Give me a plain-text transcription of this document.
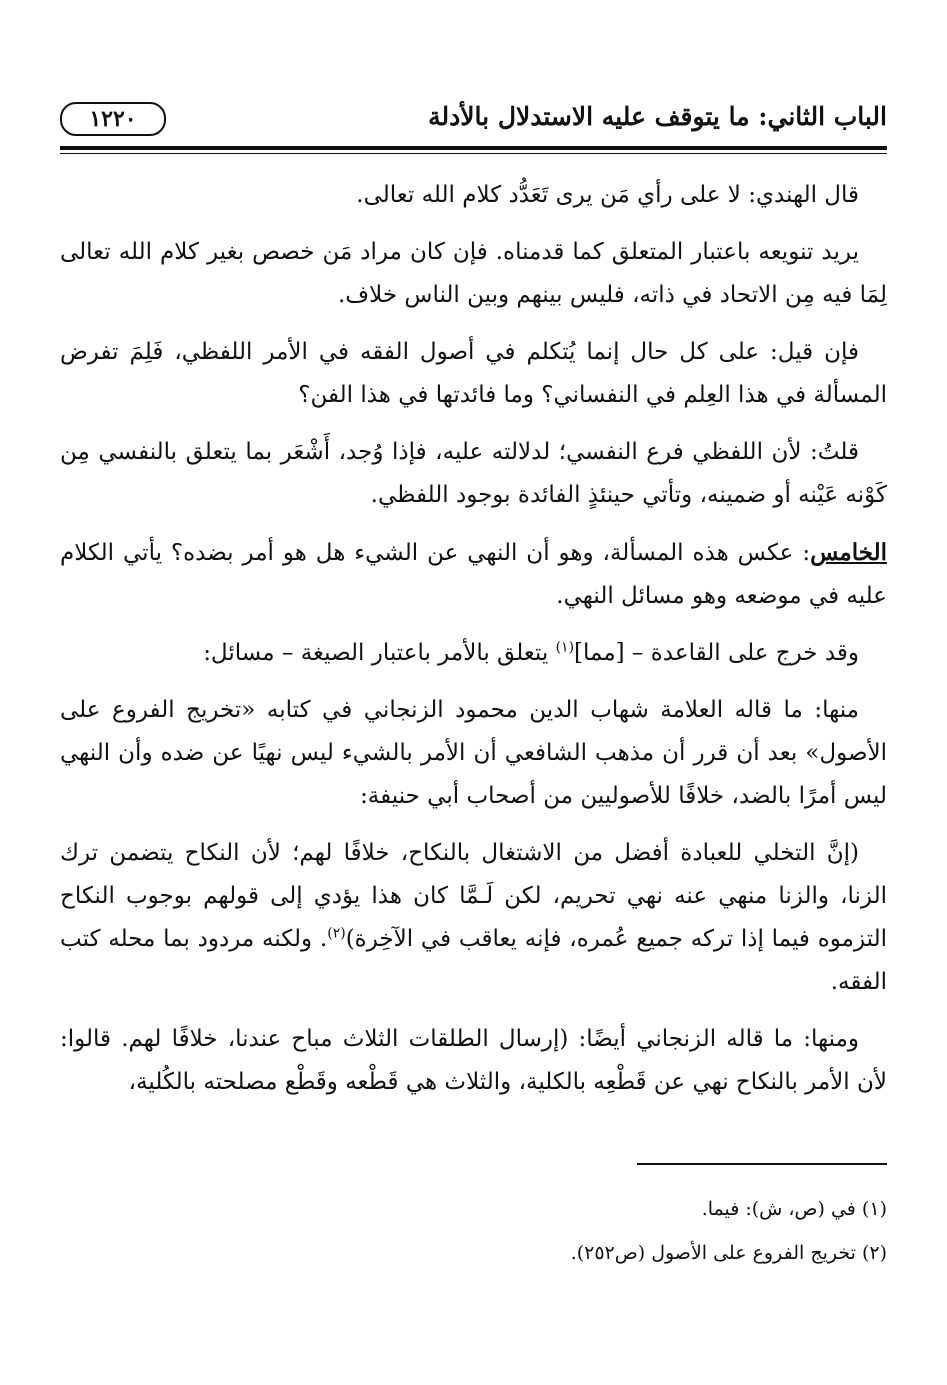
الباب الثاني: ما يتوقف عليه الاستدلال بالأدلة
١٢٢٠

قال الهندي: لا على رأي مَن يرى تَعَدُّد كلام الله تعالى.

يريد تنويعه باعتبار المتعلق كما قدمناه. فإن كان مراد مَن خصص بغير كلام الله تعالى لِمَا فيه مِن الاتحاد في ذاته، فليس بينهم وبين الناس خلاف.

فإن قيل: على كل حال إنما يُتكلم في أصول الفقه في الأمر اللفظي، فَلِمَ تفرض المسألة في هذا العِلم في النفساني؟ وما فائدتها في هذا الفن؟

قلتُ: لأن اللفظي فرع النفسي؛ لدلالته عليه، فإذا وُجد، أَشْعَر بما يتعلق بالنفسي مِن كَوْنه عَيْنه أو ضمينه، وتأتي حينئذٍ الفائدة بوجود اللفظي.

الخامس: عكس هذه المسألة، وهو أن النهي عن الشيء هل هو أمر بضده؟ يأتي الكلام عليه في موضعه وهو مسائل النهي.

وقد خرج على القاعدة – [مما]$^{(١)}$ يتعلق بالأمر باعتبار الصيغة – مسائل:

منها: ما قاله العلامة شهاب الدين محمود الزنجاني في كتابه «تخريج الفروع على الأصول» بعد أن قرر أن مذهب الشافعي أن الأمر بالشيء ليس نهيًا عن ضده وأن النهي ليس أمرًا بالضد، خلافًا للأصوليين من أصحاب أبي حنيفة:

(إنَّ التخلي للعبادة أفضل من الاشتغال بالنكاح، خلافًا لهم؛ لأن النكاح يتضمن ترك الزنا، والزنا منهي عنه نهي تحريم، لكن لَـمَّا كان هذا يؤدي إلى قولهم بوجوب النكاح التزموه فيما إذا تركه جميع عُمره، فإنه يعاقب في الآخِرة)$^{(٢)}$. ولكنه مردود بما محله كتب الفقه.

ومنها: ما قاله الزنجاني أيضًا: (إرسال الطلقات الثلاث مباح عندنا، خلافًا لهم. قالوا: لأن الأمر بالنكاح نهي عن قَطْعِه بالكلية، والثلاث هي قَطْعه وقَطْع مصلحته بالكُلية،

(١) في (ص، ش): فيما.

(٢) تخريج الفروع على الأصول (ص٢٥٢).
